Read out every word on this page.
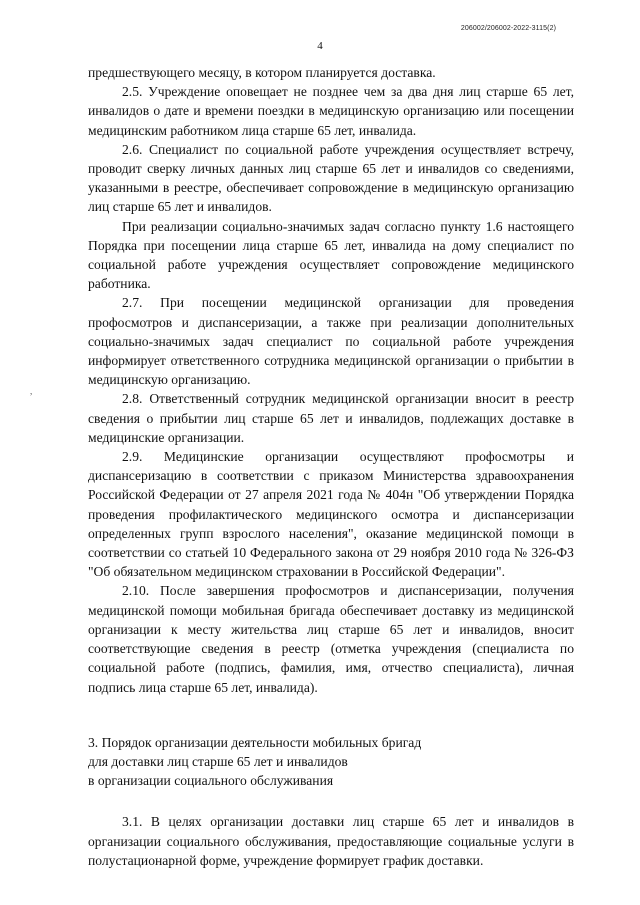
206002/206002-2022-3115(2)
4
,

предшествующего месяцу, в котором планируется доставка.

2.5. Учреждение оповещает не позднее чем за два дня лиц старше 65 лет, инвалидов о дате и времени поездки в медицинскую организацию или посещении медицинским работником лица старше 65 лет, инвалида.

2.6. Специалист по социальной работе учреждения осуществляет встречу, проводит сверку личных данных лиц старше 65 лет и инвалидов со сведениями, указанными в реестре, обеспечивает сопровождение в медицинскую организацию лиц старше 65 лет и инвалидов.

При реализации социально-значимых задач согласно пункту 1.6 настоящего Порядка при посещении лица старше 65 лет, инвалида на дому специалист по социальной работе учреждения осуществляет сопровождение медицинского работника.

2.7. При посещении медицинской организации для проведения профосмотров и диспансеризации, а также при реализации дополнительных социально-значимых задач специалист по социальной работе учреждения информирует ответственного сотрудника медицинской организации о прибытии в медицинскую организацию.

2.8. Ответственный сотрудник медицинской организации вносит в реестр сведения о прибытии лиц старше 65 лет и инвалидов, подлежащих доставке в медицинские организации.

2.9. Медицинские организации осуществляют профосмотры и диспансеризацию в соответствии с приказом Министерства здравоохранения Российской Федерации от 27 апреля 2021 года № 404н "Об утверждении Порядка проведения профилактического медицинского осмотра и диспансеризации определенных групп взрослого населения", оказание медицинской помощи в соответствии со статьей 10 Федерального закона от 29 ноября 2010 года № 326-ФЗ "Об обязательном медицинском страховании в Российской Федерации".

2.10. После завершения профосмотров и диспансеризации, получения медицинской помощи мобильная бригада обеспечивает доставку из медицинской организации к месту жительства лиц старше 65 лет и инвалидов, вносит соответствующие сведения в реестр (отметка учреждения (специалиста по социальной работе (подпись, фамилия, имя, отчество специалиста), личная подпись лица старше 65 лет, инвалида).

3. Порядок организации деятельности мобильных бригад

для доставки лиц старше 65 лет и инвалидов

в организации социального обслуживания

3.1. В целях организации доставки лиц старше 65 лет и инвалидов в организации социального обслуживания, предоставляющие социальные услуги в полустационарной форме, учреждение формирует график доставки.
